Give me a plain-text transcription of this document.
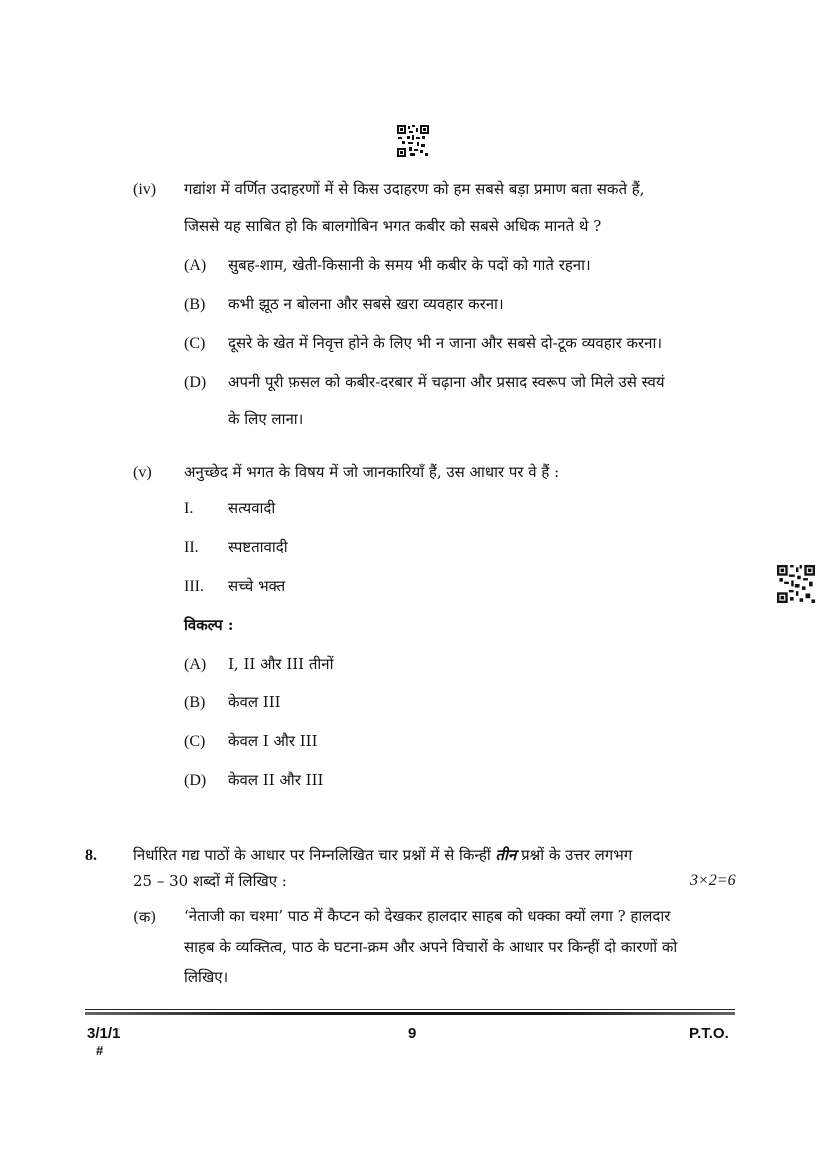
(iv) गद्यांश में वर्णित उदाहरणों में से किस उदाहरण को हम सबसे बड़ा प्रमाण बता सकते हैं,
जिससे यह साबित हो कि बालगोबिन भगत कबीर को सबसे अधिक मानते थे ?
(A) सुबह-शाम, खेती-किसानी के समय भी कबीर के पदों को गाते रहना।
(B) कभी झूठ न बोलना और सबसे खरा व्यवहार करना।
(C) दूसरे के खेत में निवृत्त होने के लिए भी न जाना और सबसे दो-टूक व्यवहार करना।
(D) अपनी पूरी फ़सल को कबीर-दरबार में चढ़ाना और प्रसाद स्वरूप जो मिले उसे स्वयं
के लिए लाना।
(v) अनुच्छेद में भगत के विषय में जो जानकारियाँ हैं, उस आधार पर वे हैं :
I. सत्यवादी
II. स्पष्टतावादी
III. सच्चे भक्त
विकल्प :
(A) I, II और III तीनों
(B) केवल III
(C) केवल I और III
(D) केवल II और III
8. निर्धारित गद्य पाठों के आधार पर निम्नलिखित चार प्रश्नों में से किन्हीं तीन प्रश्नों के उत्तर लगभग
25 – 30 शब्दों में लिखिए :	3×2=6
(क) ‘नेताजी का चश्मा’ पाठ में कैप्टन को देखकर हालदार साहब को धक्का क्यों लगा ? हालदार
साहब के व्यक्तित्व, पाठ के घटना-क्रम और अपने विचारों के आधार पर किन्हीं दो कारणों को
लिखिए।
3/1/1
#
9	P.T.O.
